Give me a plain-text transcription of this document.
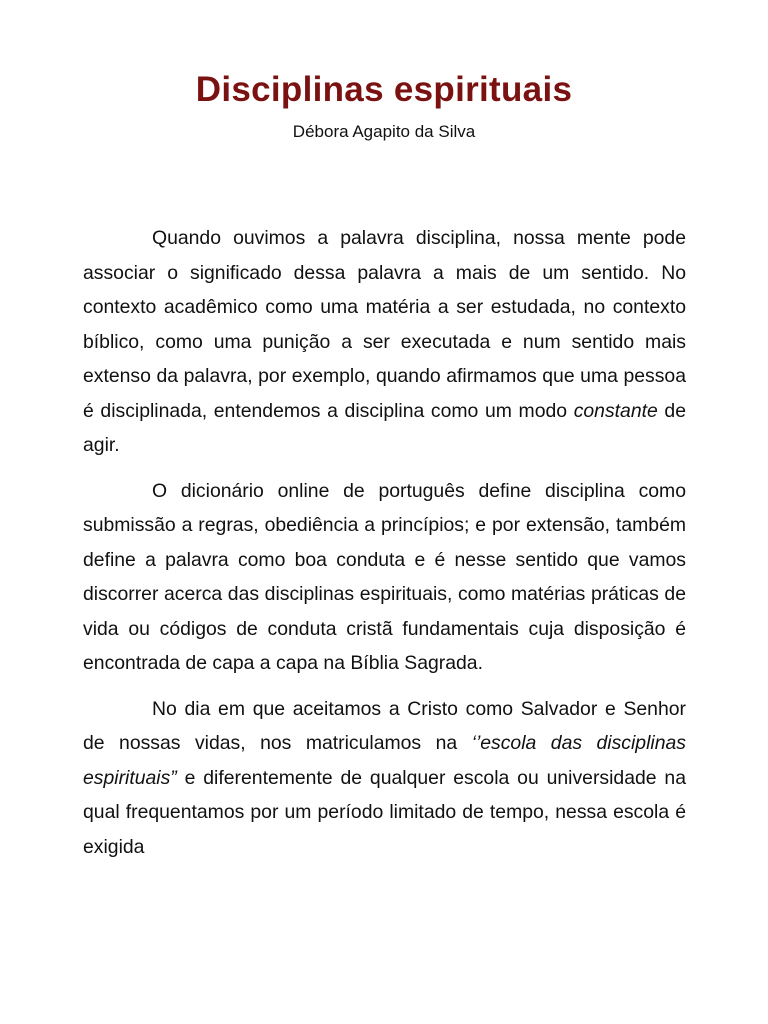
Disciplinas espirituais
Débora Agapito da Silva

Quando ouvimos a palavra disciplina, nossa mente pode associar o significado dessa palavra a mais de um sentido. No contexto acadêmico como uma matéria a ser estudada, no contexto bíblico, como uma punição a ser executada e num sentido mais extenso da palavra, por exemplo, quando afirmamos que uma pessoa é disciplinada, entendemos a disciplina como um modo constante de agir.

O dicionário online de português define disciplina como submissão a regras, obediência a princípios; e por extensão, também define a palavra como boa conduta e é nesse sentido que vamos discorrer acerca das disciplinas espirituais, como matérias práticas de vida ou códigos de conduta cristã fundamentais cuja disposição é encontrada de capa a capa na Bíblia Sagrada.

No dia em que aceitamos a Cristo como Salvador e Senhor de nossas vidas, nos matriculamos na ‘’escola das disciplinas espirituais” e diferentemente de qualquer escola ou universidade na qual frequentamos por um período limitado de tempo, nessa escola é exigida
